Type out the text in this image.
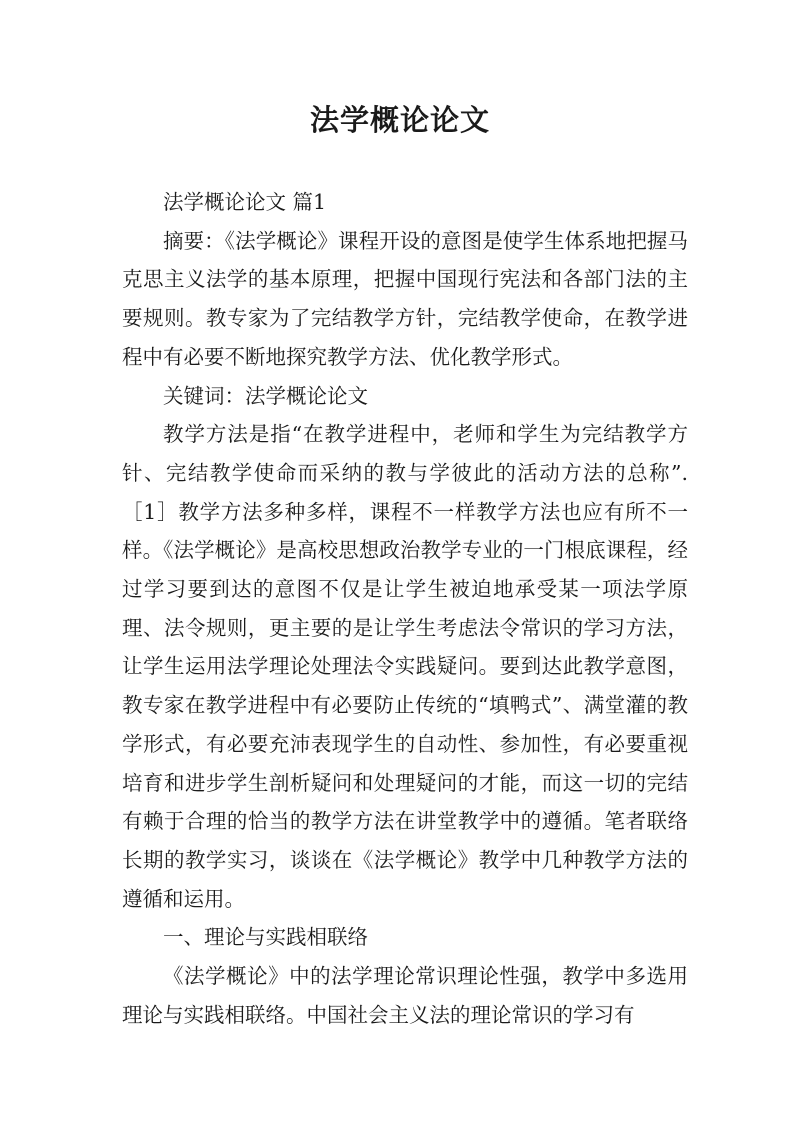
法学概论论文

法学概论论文 篇1

摘要：《法学概论》课程开设的意图是使学生体系地把握马克思主义法学的基本原理，把握中国现行宪法和各部门法的主要规则。教专家为了完结教学方针，完结教学使命，在教学进程中有必要不断地探究教学方法、优化教学形式。

关键词：法学概论论文

教学方法是指“在教学进程中，老师和学生为完结教学方针、完结教学使命而采纳的教与学彼此的活动方法的总称”.［1］教学方法多种多样，课程不一样教学方法也应有所不一样。《法学概论》是高校思想政治教学专业的一门根底课程，经过学习要到达的意图不仅是让学生被迫地承受某一项法学原理、法令规则，更主要的是让学生考虑法令常识的学习方法，让学生运用法学理论处理法令实践疑问。要到达此教学意图，教专家在教学进程中有必要防止传统的“填鸭式”、满堂灌的教学形式，有必要充沛表现学生的自动性、参加性，有必要重视培育和进步学生剖析疑问和处理疑问的才能，而这一切的完结有赖于合理的恰当的教学方法在讲堂教学中的遵循。笔者联络长期的教学实习，谈谈在《法学概论》教学中几种教学方法的遵循和运用。

一、理论与实践相联络

《法学概论》中的法学理论常识理论性强，教学中多选用理论与实践相联络。中国社会主义法的理论常识的学习有
